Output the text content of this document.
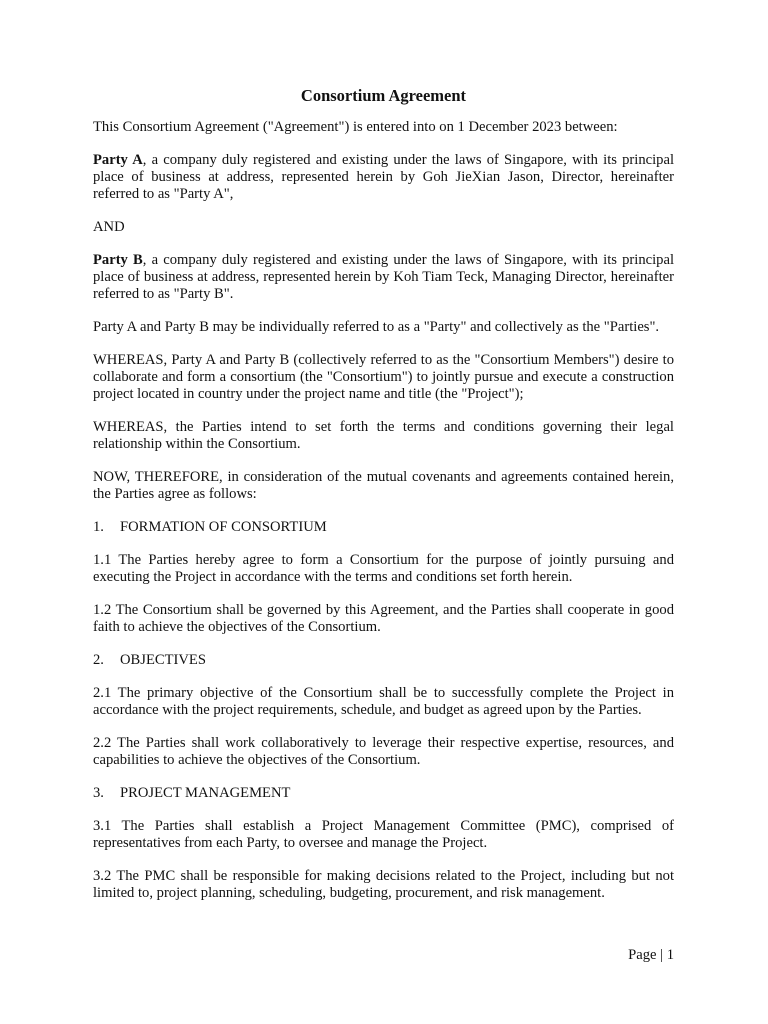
Consortium Agreement
This Consortium Agreement ("Agreement") is entered into on 1 December 2023 between:
Party A, a company duly registered and existing under the laws of Singapore, with its principal place of business at address, represented herein by Goh JieXian Jason, Director, hereinafter referred to as "Party A",
AND
Party B, a company duly registered and existing under the laws of Singapore, with its principal place of business at address, represented herein by Koh Tiam Teck, Managing Director, hereinafter referred to as "Party B".
Party A and Party B may be individually referred to as a "Party" and collectively as the "Parties".
WHEREAS, Party A and Party B (collectively referred to as the "Consortium Members") desire to collaborate and form a consortium (the "Consortium") to jointly pursue and execute a construction project located in country under the project name and title (the "Project");
WHEREAS, the Parties intend to set forth the terms and conditions governing their legal relationship within the Consortium.
NOW, THEREFORE, in consideration of the mutual covenants and agreements contained herein, the Parties agree as follows:
1. FORMATION OF CONSORTIUM
1.1 The Parties hereby agree to form a Consortium for the purpose of jointly pursuing and executing the Project in accordance with the terms and conditions set forth herein.
1.2 The Consortium shall be governed by this Agreement, and the Parties shall cooperate in good faith to achieve the objectives of the Consortium.
2. OBJECTIVES
2.1 The primary objective of the Consortium shall be to successfully complete the Project in accordance with the project requirements, schedule, and budget as agreed upon by the Parties.
2.2 The Parties shall work collaboratively to leverage their respective expertise, resources, and capabilities to achieve the objectives of the Consortium.
3. PROJECT MANAGEMENT
3.1 The Parties shall establish a Project Management Committee (PMC), comprised of representatives from each Party, to oversee and manage the Project.
3.2 The PMC shall be responsible for making decisions related to the Project, including but not limited to, project planning, scheduling, budgeting, procurement, and risk management.
Page | 1
